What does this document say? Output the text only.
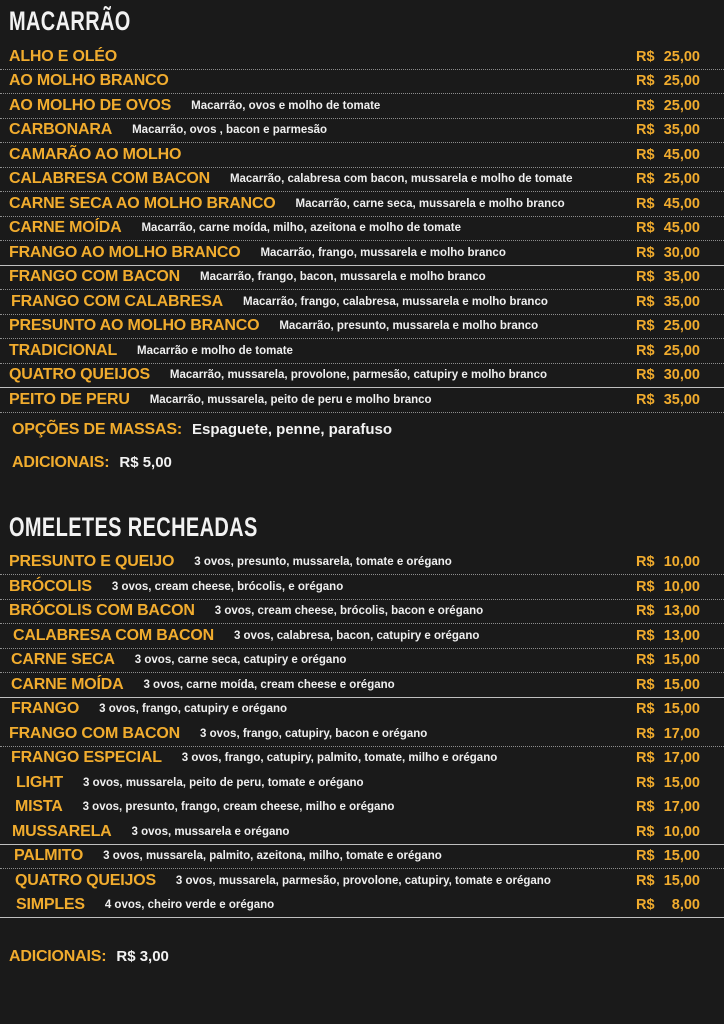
MACARRÃO
ALHO E OLÉO	R$ 25,00
AO MOLHO BRANCO	R$ 25,00
AO MOLHO DE OVOS Macarrão, ovos e molho de tomate	R$ 25,00
CARBONARA Macarrão, ovos , bacon e parmesão	R$ 35,00
CAMARÃO AO MOLHO	R$ 45,00
CALABRESA COM BACON Macarrão, calabresa com bacon, mussarela e molho de tomate	R$ 25,00
CARNE SECA AO MOLHO BRANCO Macarrão, carne seca, mussarela e molho branco	R$ 45,00
CARNE MOÍDA Macarrão, carne moída, milho, azeitona e molho de tomate	R$ 45,00
FRANGO AO MOLHO BRANCO Macarrão, frango, mussarela e molho branco	R$ 30,00
FRANGO COM BACON Macarrão, frango, bacon, mussarela e molho branco	R$ 35,00
FRANGO COM CALABRESA Macarrão, frango, calabresa, mussarela e molho branco	R$ 35,00
PRESUNTO AO MOLHO BRANCO Macarrão, presunto, mussarela e molho branco	R$ 25,00
TRADICIONAL Macarrão e molho de tomate	R$ 25,00
QUATRO QUEIJOS Macarrão, mussarela, provolone, parmesão, catupiry e molho branco	R$ 30,00
PEITO DE PERU Macarrão, mussarela, peito de peru e molho branco	R$ 35,00
OPÇÕES DE MASSAS: Espaguete, penne, parafuso
ADICIONAIS: R$ 5,00
OMELETES RECHEADAS
PRESUNTO E QUEIJO 3 ovos, presunto, mussarela, tomate e orégano	R$ 10,00
BRÓCOLIS 3 ovos, cream cheese, brócolis, e orégano	R$ 10,00
BRÓCOLIS COM BACON 3 ovos, cream cheese, brócolis, bacon e orégano	R$ 13,00
CALABRESA COM BACON 3 ovos, calabresa, bacon, catupiry e orégano	R$ 13,00
CARNE SECA 3 ovos, carne seca, catupiry e orégano	R$ 15,00
CARNE MOÍDA 3 ovos, carne moída, cream cheese e orégano	R$ 15,00
FRANGO 3 ovos, frango, catupiry e orégano	R$ 15,00
FRANGO COM BACON 3 ovos, frango, catupiry, bacon e orégano	R$ 17,00
FRANGO ESPECIAL 3 ovos, frango, catupiry, palmito, tomate, milho e orégano	R$ 17,00
LIGHT 3 ovos, mussarela, peito de peru, tomate e orégano	R$ 15,00
MISTA 3 ovos, presunto, frango, cream cheese, milho e orégano	R$ 17,00
MUSSARELA 3 ovos, mussarela e orégano	R$ 10,00
PALMITO 3 ovos, mussarela, palmito, azeitona, milho, tomate e orégano	R$ 15,00
QUATRO QUEIJOS 3 ovos, mussarela, parmesão, provolone, catupiry, tomate e orégano	R$ 15,00
SIMPLES 4 ovos, cheiro verde e orégano	R$ 8,00
ADICIONAIS: R$ 3,00
